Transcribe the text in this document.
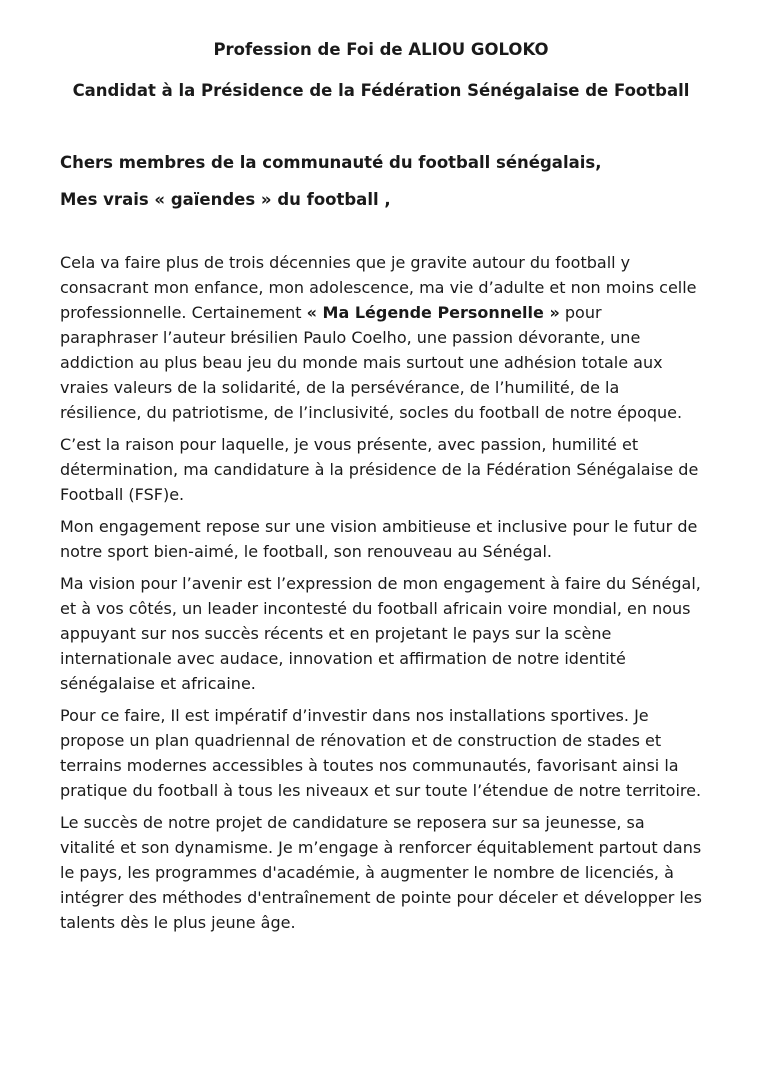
Profession de Foi de ALIOU GOLOKO
Candidat à la Présidence de la Fédération Sénégalaise de Football

Chers membres de la communauté du football sénégalais,

Mes vrais « gaïendes » du football ,

Cela va faire plus de trois décennies que je gravite autour du football y consacrant mon enfance, mon adolescence, ma vie d’adulte et non moins celle professionnelle. Certainement « Ma Légende Personnelle » pour paraphraser l’auteur brésilien Paulo Coelho, une passion dévorante, une addiction au plus beau jeu du monde mais surtout une adhésion totale aux vraies valeurs de la solidarité, de la persévérance, de l’humilité, de la résilience, du patriotisme, de l’inclusivité, socles du football de notre époque.

C’est la raison pour laquelle, je vous présente, avec passion, humilité et détermination, ma candidature à la présidence de la Fédération Sénégalaise de Football (FSF)e.

Mon engagement repose sur une vision ambitieuse et inclusive pour le futur de notre sport bien-aimé, le football, son renouveau au Sénégal.

Ma vision pour l’avenir est l’expression de mon engagement à faire du Sénégal, et à vos côtés, un leader incontesté du football africain voire mondial, en nous appuyant sur nos succès récents et en projetant le pays sur la scène internationale avec audace, innovation et affirmation de notre identité sénégalaise et africaine.

Pour ce faire, Il est impératif d’investir dans nos installations sportives. Je propose un plan quadriennal de rénovation et de construction de stades et terrains modernes accessibles à toutes nos communautés, favorisant ainsi la pratique du football à tous les niveaux et sur toute l’étendue de notre territoire.

Le succès de notre projet de candidature se reposera sur sa jeunesse, sa vitalité et son dynamisme. Je m’engage à renforcer équitablement partout dans le pays, les programmes d'académie, à augmenter le nombre de licenciés, à intégrer des méthodes d'entraînement de pointe pour déceler et développer les talents dès le plus jeune âge.
